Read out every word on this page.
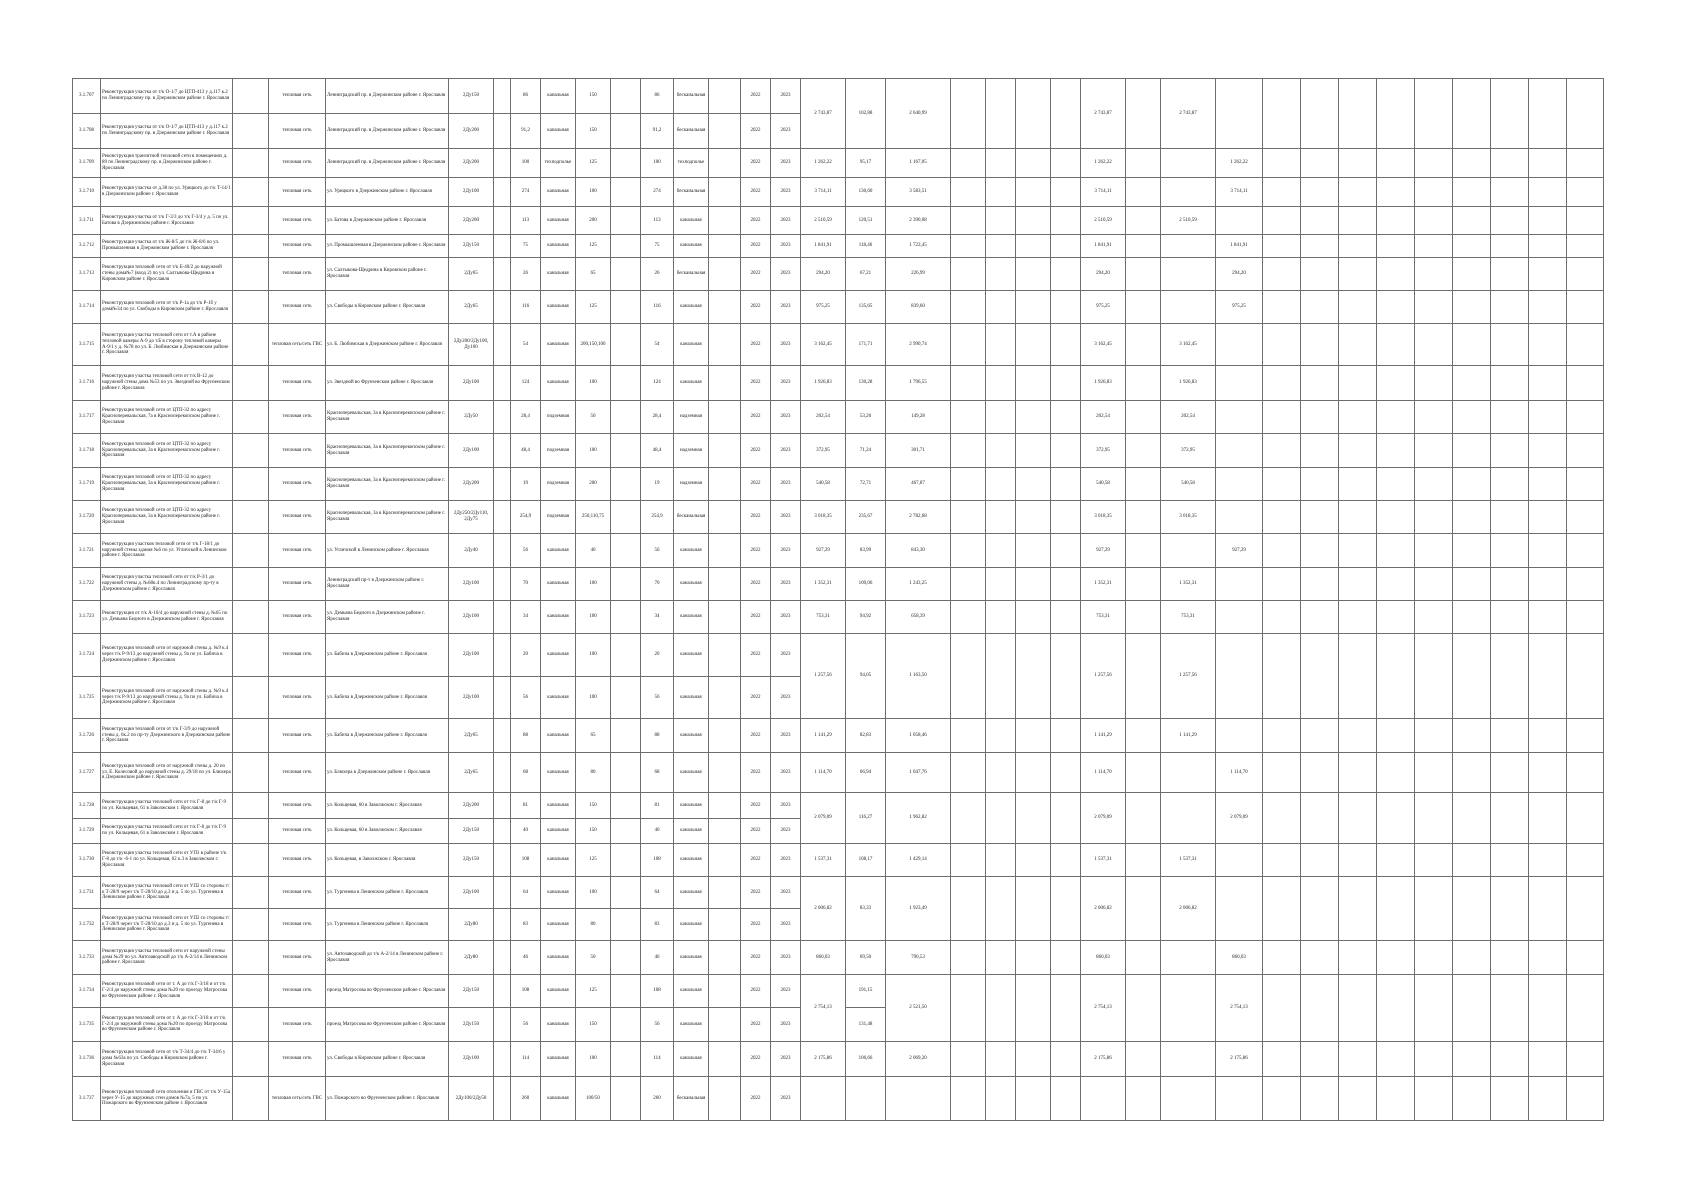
3.1.707	Реконструкция участка от т/к О-1/7 до ЦТП-413 у д.117 к.2 по Ленинградскому пр. в Дзержинском районе г. Ярославля		тепловая сеть	Ленинградский пр. в Дзержинском районе г. Ярославля	2Ду150		86	канальная	150		86	бесканальная		2022	2023	2 743,87	102,88	2 640,99					2 743,87		2 743,87										
3.1.708	Реконструкция участка от т/к О-1/7 до ЦТП-413 у д.117 к.2 по Ленинградскому пр. в Дзержинском районе г. Ярославля		тепловая сеть	Ленинградский пр. в Дзержинском районе г. Ярославля	2Ду200		91,2	канальная	150		91,2	бесканальная		2022	2023																				
3.1.709	Реконструкция транзитной тепловой сети в помещениях д. 89 по Ленинградскому пр. в Дзержинском районе г. Ярославля		тепловая сеть	Ленинградский пр. в Дзержинском районе г. Ярославля	2Ду200		100	техподполье	125		100	техподполье		2022	2023	1 262,22	95,17	1 167,05					1 262,22			1 262,22									
3.1.710	Реконструкция участка от д.38 по ул. Урицкого до т/к Т-14/1 в Дзержинском районе г. Ярославля		тепловая сеть	ул. Урицкого в Дзержинском районе г. Ярославля	2Ду100		274	канальная	100		274	бесканальная		2022	2023	3 714,11	130,60	3 583,51					3 714,11			3 714,11									
3.1.711	Реконструкция участка от т/к Г-3/3 до т/к Г-3/4 у д. 5 по ул. Батова в Дзержинском районе г. Ярославля		тепловая сеть	ул. Батова в Дзержинском районе г. Ярославля	2Ду200		113	канальная	200		113	канальная		2022	2023	2 510,59	120,51	2 390,08					2 510,59		2 510,59										
3.1.712	Реконструкция участка от т/к Ж-8/5 до т/к Ж-8/6 по ул. Промышленная в Дзержинском районе г. Ярославля		тепловая сеть	ул. Промышленная в Дзержинском районе г. Ярославля	2Ду150		75	канальная	125		75	канальная		2022	2023	1 841,91	118,46	1 723,45					1 841,91			1 841,91									
3.1.713	Реконструкция тепловой сети от т/к Е-40/2 до наружной стены дома№7 (вход 2) по ул. Салтыкова-Щедрина в Кировском районе г. Ярославля		тепловая сеть	ул. Салтыкова-Щедрина в Кировском районе г. Ярославля	2Ду65		26	канальная	65		26	бесканальная		2022	2023	294,20	67,21	226,99					294,20			294,20									
3.1.714	Реконструкция тепловой сети от т/к Р-1а до т/к Р-1б у дома№34 по ул. Свободы в Кировском районе г. Ярославля		тепловая сеть	ул. Свободы в Кировском районе г. Ярославля	2Ду65		116	канальная	125		116	канальная		2022	2023	975,25	135,65	839,60					975,25			975,25									
3.1.715	Реконструкция участка тепловой сети от т.А в районе тепловой камеры А-9 до т.Б в сторону тепловой камеры А-9/1 у д. №78 по ул. Б. Любимская в Дзержинском районе г. Ярославля		тепловая сеть/сеть ГВС	ул. Б. Любимская в Дзержинском районе г. Ярославля	2Ду200/2Ду100, Ду100		54	канальная	200,150,100		54	канальная		2022	2023	3 162,45	171,71	2 990,74					3 162,45		3 162,45										
3.1.716	Реконструкция участка тепловой сети от т/к В-12 до наружной стены дома №53 по ул. Звездной во Фрунзенском районе г. Ярославля		тепловая сеть	ул. Звездной во Фрунзенском районе г. Ярославля	2Ду100		124	канальная	100		124	канальная		2022	2023	1 926,83	130,28	1 796,55					1 926,83		1 926,83										
3.1.717	Реконструкция тепловой сети от ЦТП-32 по адресу Красноперевальская, 7а в Красноперекопском районе г. Ярославля		тепловая сеть	Красноперевальская, 3а в Красноперекопском районе г. Ярославля	2Ду50		28,4	подземная	50		28,4	надземная		2022	2023	202,54	53,26	149,28					202,54		202,54										
3.1.718	Реконструкция тепловой сети от ЦТП-32 по адресу Красноперевальская, 3а в Красноперекопском районе г. Ярославля		тепловая сеть	Красноперевальская, 3а в Красноперекопском районе г. Ярославля	2Ду100		48,4	подземная	100		48,4	надземная		2022	2023	372,95	71,24	301,71					372,95		372,95										
3.1.719	Реконструкция тепловой сети от ЦТП-32 по адресу Красноперевальская, 3а в Красноперекопском районе г. Ярославля		тепловая сеть	Красноперевальская, 3а в Красноперекопском районе г. Ярославля	2Ду200		19	подземная	200		19	надземная		2022	2023	540,58	72,71	467,87					540,58		540,58										
3.1.720	Реконструкция тепловой сети от ЦТП-32 по адресу Красноперевальская, 3а в Красноперекопском районе г. Ярославля		тепловая сеть	Красноперевальская, 3а в Красноперекопском районе г. Ярославля	2Ду250/2Ду110, 2Ду75		254,9	подземная	250,110,75		254,9	бесканальная		2022	2023	3 018,35	235,67	2 782,68					3 018,35		3 018,35										
3.1.721	Реконструкция участков тепловой сети от т/к Г-18/1 до наружной стены здания №6 по ул. Угличской в Ленинском районе г. Ярославля		тепловая сеть	ул. Угличской в Ленинском районе г. Ярославля	2Ду40		56	канальная	40		56	канальная		2022	2023	927,29	83,99	843,30					927,29			927,29									
3.1.722	Реконструкция участка тепловой сети от т/к Р-3/1 до наружной стены д. №68к.4 по Ленинградскому пр-ту в Дзержинском районе г. Ярославля		тепловая сеть	Ленинградский пр-т в Дзержинском районе г. Ярославля	2Ду100		70	канальная	100		70	канальная		2022	2023	1 352,31	109,06	1 243,25					1 352,31		1 352,31										
3.1.723	Реконструкция от т/к А-10/4 до наружной стены д. №65 по ул. Демьяна Бедного в Дзержинском районе г. Ярославля		тепловая сеть	ул. Демьяна Бедного в Дзержинском районе г. Ярославля	2Ду100		34	канальная	100		34	канальная		2022	2023	753,31	94,92	658,39					753,31		753,31										
3.1.724	Реконструкция тепловой сети от наружной стены д. №9 к.4 через т/к Р-9/13 до наружной стены д. 9а по ул. Бабича в Дзержинском районе г. Ярославля		тепловая сеть	ул. Бабича в Дзержинском районе г. Ярославля	2Ду100		20	канальная	100		20	канальная		2022	2023	1 257,56	94,05	1 163,50					1 257,56		1 257,56										
3.1.725	Реконструкция тепловой сети от наружной стены д. №9 к.4 через т/к Р-9/13 до наружной стены д. 9а по ул. Бабича в Дзержинском районе г. Ярославля		тепловая сеть	ул. Бабича в Дзержинском районе г. Ярославля	2Ду100		56	канальная	100		56	канальная		2022	2023																				
3.1.726	Реконструкция тепловой сети от т/к Г-3/9 до наружной стены д. 6к.2 по пр-ту Дзержинского в Дзержинском районе г. Ярославля		тепловая сеть	ул. Бабича в Дзержинском районе г. Ярославля	2Ду65		88	канальная	65		88	канальная		2022	2023	1 141,29	82,83	1 058,46					1 141,29		1 141,29										
3.1.727	Реконструкция тепловой сети от наружной стены д. 20 по ул. Е. Колесовой до наружной стены д. 29/18 по ул. Блюхера в Дзержинском районе г. Ярославля		тепловая сеть	ул. Блюхера в Дзержинском районе г. Ярославля	2Ду65		68	канальная	80		68	канальная		2022	2023	1 114,70	66,94	1 047,76					1 114,70			1 114,70									
3.1.728	Реконструкция участка тепловой сети от т/к Г-8 до т/к Г-9 по ул. Кольцевая, 61 в Заволжском г. Ярославля		тепловая сеть	ул. Кольцевая, 60 в Заволжском г. Ярославля	2Ду200		81	канальная	150		81	канальная		2022	2023	2 079,09	116,27	1 962,82					2 079,09			2 079,09									
3.1.729	Реконструкция участка тепловой сети от т/к Г-8 до т/к Г-9 по ул. Кольцевая, 61 в Заволжском г. Ярославля		тепловая сеть	ул. Кольцевая, 60 в Заволжском г. Ярославля	2Ду150		40	канальная	150		40	канальная		2022	2023																				
3.1.730	Реконструкция участка тепловой сети от УП3 в районе т/к Г-8 до т/к -6-1 по ул. Кольцевая, 62 к.3 в Заволжском г. Ярославля		тепловая сеть	ул. Кольцевая, в Заволжском г. Ярославля	2Ду150		108	канальная	125		108	канальная		2022	2023	1 537,31	108,17	1 429,14					1 537,31		1 537,31										
3.1.731	Реконструкция участка тепловой сети от УП2 со стороны т/к Т-28/9 через т/к Т-28/10 до д.3 и д. 5 по ул. Тургенева в Ленинском районе г. Ярославля		тепловая сеть	ул. Тургенева в Ленинском районе г. Ярославля	2Ду100		64	канальная	100		64	канальная		2022	2023	2 006,82	83,33	1 923,49					2 006,82		2 006,82										
3.1.732	Реконструкция участка тепловой сети от УП2 со стороны т/к Т-28/9 через т/к Т-28/10 до д.3 и д. 5 по ул. Тургенева в Ленинском районе г. Ярославля		тепловая сеть	ул. Тургенева в Ленинском районе г. Ярославля	2Ду80		83	канальная	80		83	канальная		2022	2023																				
3.1.733	Реконструкция участка тепловой сети от наружной стены дома №29 по ул. Автозаводской до т/к А-2/14 в Ленинском районе г. Ярославля		тепловая сеть	ул. Автозаводской до т/к А-2/14 в Ленинском районе г. Ярославля	2Ду80		46	канальная	50		46	канальная		2022	2023	860,03	69,50	790,53					860,03			860,03									
3.1.734	Реконструкция тепловой сети от т. А до т/к Г-3/18 и от т/к Г-2/4 до наружной стены дома №20 по проезду Матросова во Фрунзенском районе г. Ярославля		тепловая сеть	проезд Матросова во Фрунзенском районе г. Ярославля	2Ду150		108	канальная	125		108	канальная		2022	2023	2 754,13	191,15	2 521,50					2 754,13			2 754,13									
3.1.735	Реконструкция тепловой сети от т. А до т/к Г-3/18 и от т/к Г-2/4 до наружной стены дома №20 по проезду Матросова во Фрунзенском районе г. Ярославля		тепловая сеть	проезд Матросова во Фрунзенском районе г. Ярославля	2Ду150		56	канальная	150		56	канальная		2022	2023		131,48																		
3.1.736	Реконструкция тепловой сети от т/к Т-34/4 до т/к Т-34/6 у дома №63а по ул. Свободы в Кировском районе г. Ярославля		тепловая сеть	ул. Свободы в Кировском районе г. Ярославля	2Ду100		114	канальная	100		114	канальная		2022	2023	2 175,86	106,66	2 069,20					2 175,86			2 175,86									
3.1.737	Реконструкция тепловой сети отопления и ГВС от т/к У-15а через У-15 до наружных стен домов №7а, 5 по ул. Пожарского во Фрунзенском районе г. Ярославля		тепловая сеть/сеть ГВС	ул. Пожарского во Фрунзенском районе г. Ярославля	2Ду100/2Ду50		260	канальная	100/50		260	бесканальная		2022	2023																				
